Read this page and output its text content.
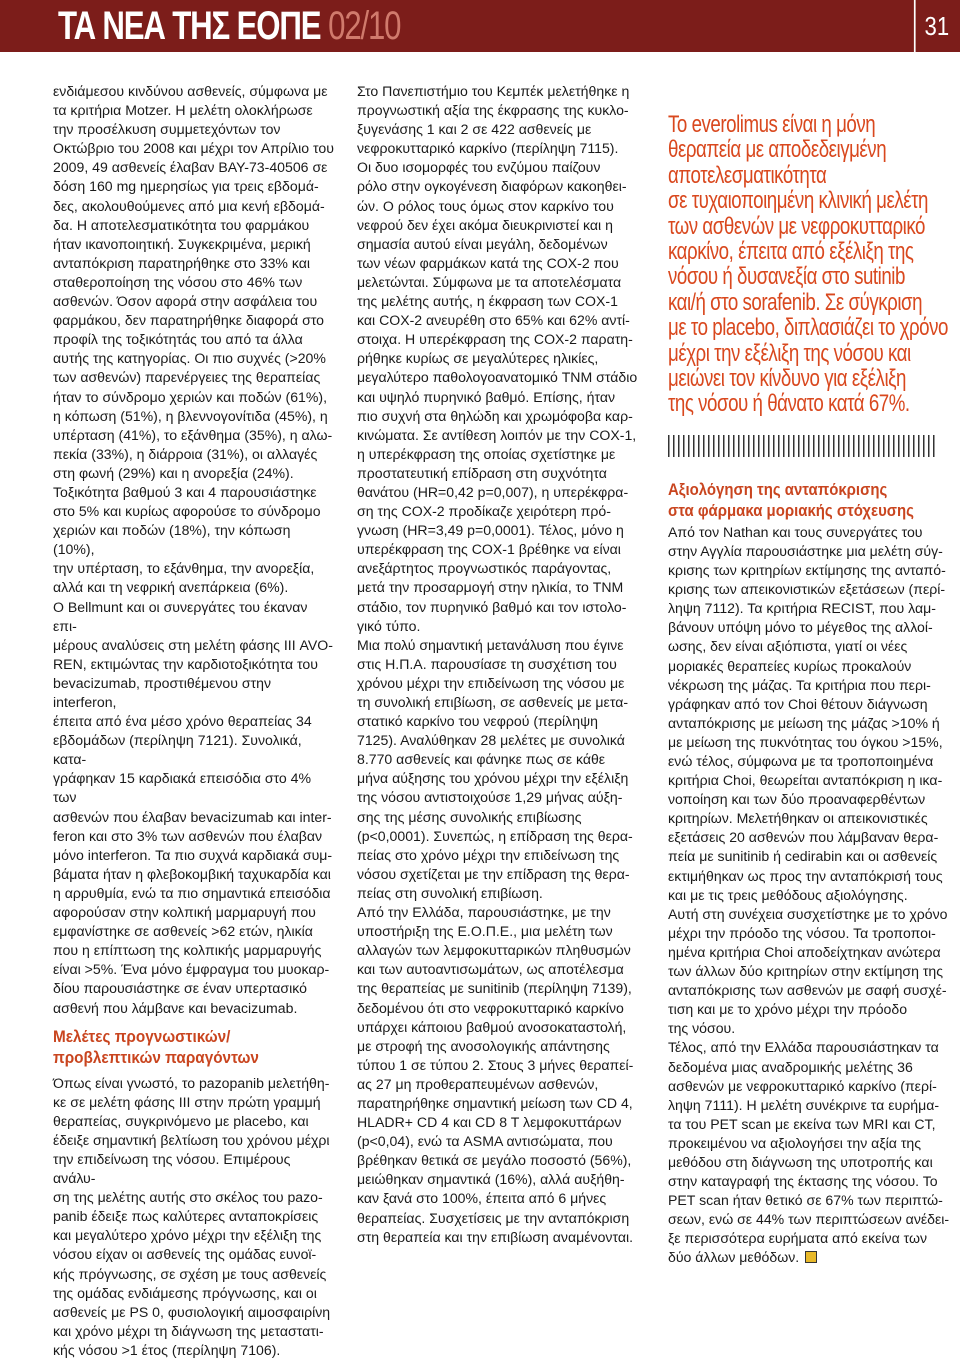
ΤΑ ΝΕΑ ΤΗΣ ΕΟΠΕ 02/10	31

ενδιάμεσου κινδύνου ασθενείς, σύμφωνα με
τα κριτήρια Motzer. Η μελέτη ολοκλήρωσε
την προσέλκυση συμμετεχόντων τον
Οκτώβριο του 2008 και μέχρι τον Απρίλιο του
2009, 49 ασθενείς έλαβαν ΒΑΥ-73-40506 σε
δόση 160 mg ημερησίως για τρεις εβδομά-
δες, ακολουθούμενες από μια κενή εβδομά-
δα. Η αποτελεσματικότητα του φαρμάκου
ήταν ικανοποιητική. Συγκεκριμένα, μερική
ανταπόκριση παρατηρήθηκε στο 33% και
σταθεροποίηση της νόσου στο 46% των
ασθενών. Όσον αφορά στην ασφάλεια του
φαρμάκου, δεν παρατηρήθηκε διαφορά στο
προφίλ της τοξικότητάς του από τα άλλα
αυτής της κατηγορίας. Οι πιο συχνές (>20%
των ασθενών) παρενέργειες της θεραπείας
ήταν το σύνδρομο χεριών και ποδών (61%),
η κόπωση (51%), η βλεννογονίτιδα (45%), η
υπέρταση (41%), το εξάνθημα (35%), η αλω-
πεκία (33%), η διάρροια (31%), οι αλλαγές
στη φωνή (29%) και η ανορεξία (24%).
Τοξικότητα βαθμού 3 και 4 παρουσιάστηκε
στο 5% και κυρίως αφορούσε το σύνδρομο
χεριών και ποδών (18%), την κόπωση (10%),
την υπέρταση, το εξάνθημα, την ανορεξία,
αλλά και τη νεφρική ανεπάρκεια (6%).
Ο Bellmunt και οι συνεργάτες του έκαναν επι-
μέρους αναλύσεις στη μελέτη φάσης ΙΙΙ AVO-
REN, εκτιμώντας την καρδιοτοξικότητα του
bevacizumab, προστιθέμενου στην interferon,
έπειτα από ένα μέσο χρόνο θεραπείας 34
εβδομάδων (περίληψη 7121). Συνολικά, κατα-
γράφηκαν 15 καρδιακά επεισόδια στο 4% των
ασθενών που έλαβαν bevacizumab και inter-
feron και στο 3% των ασθενών που έλαβαν
μόνο interferon. Τα πιο συχνά καρδιακά συμ-
βάματα ήταν η φλεβοκομβική ταχυκαρδία και
η αρρυθμία, ενώ τα πιο σημαντικά επεισόδια
αφορούσαν στην κολπική μαρμαρυγή που
εμφανίστηκε σε ασθενείς >62 ετών, ηλικία
που η επίπτωση της κολπικής μαρμαρυγής
είναι >5%. Ένα μόνο έμφραγμα του μυοκαρ-
δίου παρουσιάστηκε σε έναν υπερτασικό
ασθενή που λάμβανε και bevacizumab.

Μελέτες προγνωστικών/
προβλεπτικών παραγόντων

Όπως είναι γνωστό, το pazopanib μελετήθη-
κε σε μελέτη φάσης ΙΙΙ στην πρώτη γραμμή
θεραπείας, συγκρινόμενο με placebo, και
έδειξε σημαντική βελτίωση του χρόνου μέχρι
την επιδείνωση της νόσου. Επιμέρους ανάλυ-
ση της μελέτης αυτής στο σκέλος του pazo-
panib έδειξε πως καλύτερες ανταποκρίσεις
και μεγαλύτερο χρόνο μέχρι την εξέλιξη της
νόσου είχαν οι ασθενείς της ομάδας ευνοϊ-
κής πρόγνωσης, σε σχέση με τους ασθενείς
της ομάδας ενδιάμεσης πρόγνωσης, και οι
ασθενείς με PS 0, φυσιολογική αιμοσφαιρίνη
και χρόνο μέχρι τη διάγνωση της μεταστατι-
κής νόσου >1 έτος (περίληψη 7106).

Στο Πανεπιστήμιο του Κεμπέκ μελετήθηκε η
προγνωστική αξία της έκφρασης της κυκλο-
ξυγενάσης 1 και 2 σε 422 ασθενείς με
νεφροκυτταρικό καρκίνο (περίληψη 7115).
Οι δυο ισομορφές του ενζύμου παίζουν
ρόλο στην ογκογένεση διαφόρων κακοηθει-
ών. Ο ρόλος τους όμως στον καρκίνο του
νεφρού δεν έχει ακόμα διευκρινιστεί και η
σημασία αυτού είναι μεγάλη, δεδομένων
των νέων φαρμάκων κατά της COX-2 που
μελετώνται. Σύμφωνα με τα αποτελέσματα
της μελέτης αυτής, η έκφραση των COX-1
και COX-2 ανευρέθη στο 65% και 62% αντί-
στοιχα. Η υπερέκφραση της COX-2 παρατη-
ρήθηκε κυρίως σε μεγαλύτερες ηλικίες,
μεγαλύτερο παθολογοανατομικό TNM στάδιο
και υψηλό πυρηνικό βαθμό. Επίσης, ήταν
πιο συχνή στα θηλώδη και χρωμόφοβα καρ-
κινώματα. Σε αντίθεση λοιπόν με την COX-1,
η υπερέκφραση της οποίας σχετίστηκε με
προστατευτική επίδραση στη συχνότητα
θανάτου (HR=0,42 p=0,007), η υπερέκφρα-
ση της COX-2 προδίκαζε χειρότερη πρό-
γνωση (HR=3,49 p=0,0001). Τέλος, μόνο η
υπερέκφραση της COX-1 βρέθηκε να είναι
ανεξάρτητος προγνωστικός παράγοντας,
μετά την προσαρμογή στην ηλικία, το TNM
στάδιο, τον πυρηνικό βαθμό και τον ιστολο-
γικό τύπο.

Μια πολύ σημαντική μετανάλυση που έγινε
στις Η.Π.Α. παρουσίασε τη συσχέτιση του
χρόνου μέχρι την επιδείνωση της νόσου με
τη συνολική επιβίωση, σε ασθενείς με μετα-
στατικό καρκίνο του νεφρού (περίληψη
7125). Αναλύθηκαν 28 μελέτες με συνολικά
8.770 ασθενείς και φάνηκε πως σε κάθε
μήνα αύξησης του χρόνου μέχρι την εξέλιξη
της νόσου αντιστοιχούσε 1,29 μήνας αύξη-
σης της μέσης συνολικής επιβίωσης
(p<0,0001). Συνεπώς, η επίδραση της θερα-
πείας στο χρόνο μέχρι την επιδείνωση της
νόσου σχετίζεται με την επίδραση της θερα-
πείας στη συνολική επιβίωση.

Από την Ελλάδα, παρουσιάστηκε, με την
υποστήριξη της Ε.Ο.Π.Ε., μια μελέτη των
αλλαγών των λεμφοκυτταρικών πληθυσμών
και των αυτοαντισωμάτων, ως αποτέλεσμα
της θεραπείας με sunitinib (περίληψη 7139),
δεδομένου ότι στο νεφροκυτταρικό καρκίνο
υπάρχει κάποιου βαθμού ανοσοκαταστολή,
με στροφή της ανοσολογικής απάντησης
τύπου 1 σε τύπου 2. Στους 3 μήνες θεραπεί-
ας 27 μη προθεραπευμένων ασθενών,
παρατηρήθηκε σημαντική μείωση των CD 4,
HLADR+ CD 4 και CD 8 T λεμφοκυττάρων
(p<0,04), ενώ τα ASMA αντισώματα, που
βρέθηκαν θετικά σε μεγάλο ποσοστό (56%),
μειώθηκαν σημαντικά (16%), αλλά αυξήθη-
καν ξανά στο 100%, έπειτα από 6 μήνες
θεραπείας. Συσχετίσεις με την ανταπόκριση
στη θεραπεία και την επιβίωση αναμένονται.

Το everolimus είναι η μόνη
θεραπεία με αποδεδειγμένη
αποτελεσματικότητα
σε τυχαιοποιημένη κλινική μελέτη
των ασθενών με νεφροκυτταρικό
καρκίνο, έπειτα από εξέλιξη της
νόσου ή δυσανεξία στο sutinib
και/ή στο sorafenib. Σε σύγκριση
με το placebo, διπλασιάζει το χρόνο
μέχρι την εξέλιξη της νόσου και
μειώνει τον κίνδυνο για εξέλιξη
της νόσου ή θάνατο κατά 67%.
Αξιολόγηση της ανταπόκρισης
στα φάρμακα μοριακής στόχευσης

Από τον Nathan και τους συνεργάτες του
στην Αγγλία παρουσιάστηκε μια μελέτη σύγ-
κρισης των κριτηρίων εκτίμησης της ανταπό-
κρισης των απεικονιστικών εξετάσεων (περί-
ληψη 7112). Τα κριτήρια RECIST, που λαμ-
βάνουν υπόψη μόνο το μέγεθος της αλλοί-
ωσης, δεν είναι αξιόπιστα, γιατί οι νέες
μοριακές θεραπείες κυρίως προκαλούν
νέκρωση της μάζας. Τα κριτήρια που περι-
γράφηκαν από τον Choi θέτουν διάγνωση
ανταπόκρισης με μείωση της μάζας >10% ή
με μείωση της πυκνότητας του όγκου >15%,
ενώ τέλος, σύμφωνα με τα τροποποιημένα
κριτήρια Choi, θεωρείται ανταπόκριση η ικα-
νοποίηση και των δύο προαναφερθέντων
κριτηρίων. Μελετήθηκαν οι απεικονιστικές
εξετάσεις 20 ασθενών που λάμβαναν θερα-
πεία με sunitinib ή cedirabin και οι ασθενείς
εκτιμήθηκαν ως προς την ανταπόκρισή τους
και με τις τρεις μεθόδους αξιολόγησης.
Αυτή στη συνέχεια συσχετίστηκε με το χρόνο
μέχρι την πρόοδο της νόσου. Τα τροποποι-
ημένα κριτήρια Choi αποδείχτηκαν ανώτερα
των άλλων δύο κριτηρίων στην εκτίμηση της
ανταπόκρισης των ασθενών με σαφή συσχέ-
τιση και με το χρόνο μέχρι την πρόοδο
της νόσου.

Τέλος, από την Ελλάδα παρουσιάστηκαν τα
δεδομένα μιας αναδρομικής μελέτης 36
ασθενών με νεφροκυτταρικό καρκίνο (περί-
ληψη 7111). Η μελέτη συνέκρινε τα ευρήμα-
τα του PET scan με εκείνα των MRI και CT,
προκειμένου να αξιολογήσει την αξία της
μεθόδου στη διάγνωση της υποτροπής και
στην καταγραφή της έκτασης της νόσου. Το
PET scan ήταν θετικό σε 67% των περιπτώ-
σεων, ενώ σε 44% των περιπτώσεων ανέδει-
ξε περισσότερα ευρήματα από εκείνα των
δύο άλλων μεθόδων.
